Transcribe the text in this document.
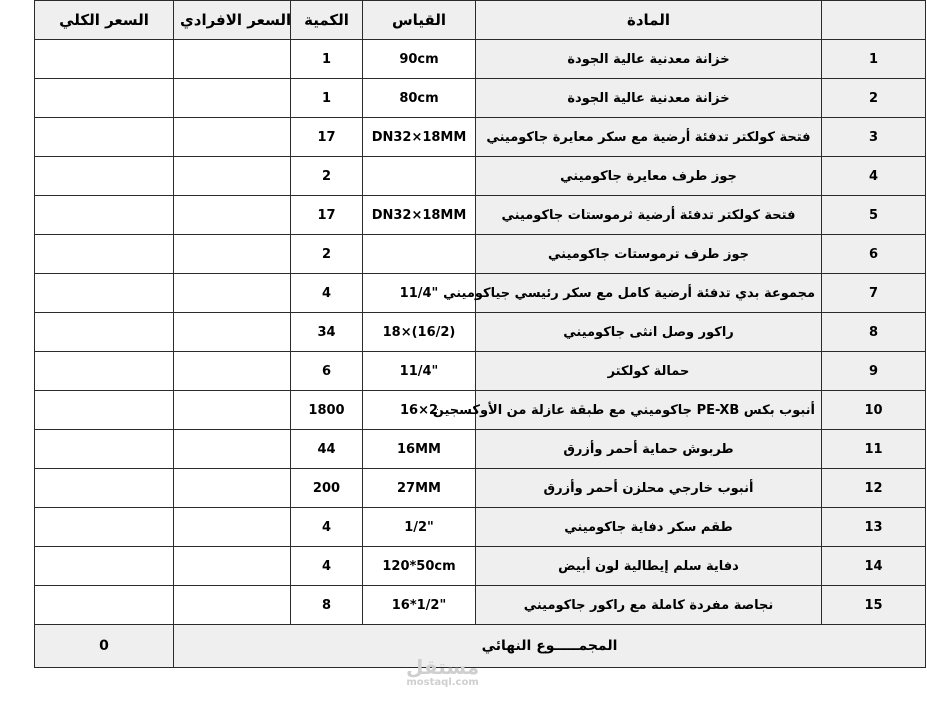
السعر الكلي	السعر الافرادي	الكمية	القياس	المادة	
		1	90cm	خزانة معدنية عالية الجودة	1
		1	80cm	خزانة معدنية عالية الجودة	2
		17	DN32×18MM	فتحة كولكتر تدفئة أرضية مع سكر معايرة جاكوميني	3
		2		جوز طرف معايرة جاكوميني	4
		17	DN32×18MM	فتحة كولكتر تدفئة أرضية ثرموستات جاكوميني	5
		2		جوز طرف ترموستات جاكوميني	6
		4	11/4"	مجموعة بدي تدفئة أرضية كامل مع سكر رئيسي جياكوميني	7
		34	18×(16/2)	راكور وصل انثى جاكوميني	8
		6	11/4"	حمالة كولكتر	9
		1800	16×2	أنبوب بكس PE-XB جاكوميني مع طبقة عازلة من الأوكسجين	10
		44	16MM	طربوش حماية أحمر وأزرق	11
		200	27MM	أنبوب خارجي محلزن أحمر وأزرق	12
		4	1/2"	طقم سكر دفاية جاكوميني	13
		4	120*50cm	دفاية سلم إيطالية لون أبيض	14
		8	16*1/2"	نجاصة مفردة كاملة مع راكور جاكوميني	15
0	المجمـــــوع النهائي				
مستقل
mostaql.com
